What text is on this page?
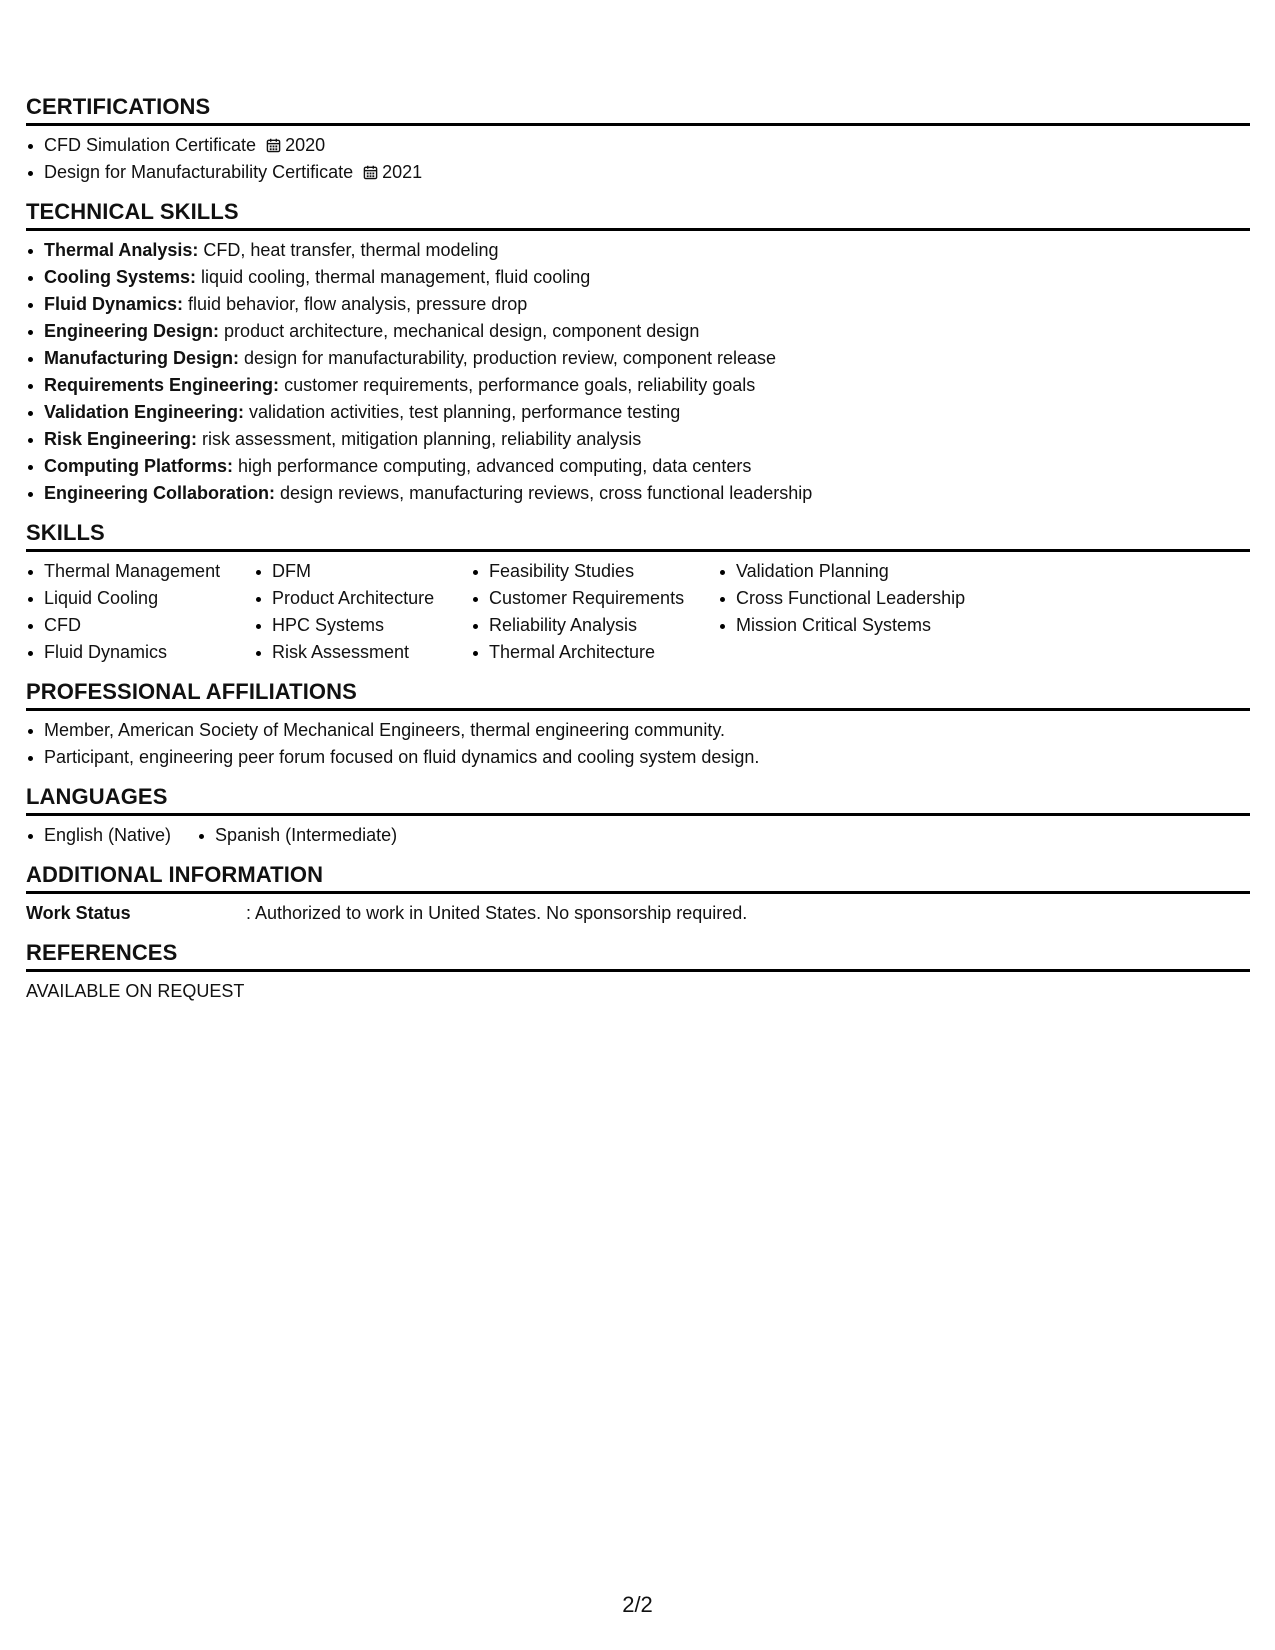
CERTIFICATIONS
CFD Simulation Certificate 2020
Design for Manufacturability Certificate 2021
TECHNICAL SKILLS
Thermal Analysis: CFD, heat transfer, thermal modeling
Cooling Systems: liquid cooling, thermal management, fluid cooling
Fluid Dynamics: fluid behavior, flow analysis, pressure drop
Engineering Design: product architecture, mechanical design, component design
Manufacturing Design: design for manufacturability, production review, component release
Requirements Engineering: customer requirements, performance goals, reliability goals
Validation Engineering: validation activities, test planning, performance testing
Risk Engineering: risk assessment, mitigation planning, reliability analysis
Computing Platforms: high performance computing, advanced computing, data centers
Engineering Collaboration: design reviews, manufacturing reviews, cross functional leadership
SKILLS
Thermal Management
Liquid Cooling
CFD
Fluid Dynamics
DFM
Product Architecture
HPC Systems
Risk Assessment
Feasibility Studies
Customer Requirements
Reliability Analysis
Thermal Architecture
Validation Planning
Cross Functional Leadership
Mission Critical Systems
PROFESSIONAL AFFILIATIONS
Member, American Society of Mechanical Engineers, thermal engineering community.
Participant, engineering peer forum focused on fluid dynamics and cooling system design.
LANGUAGES
English (Native)	Spanish (Intermediate)
ADDITIONAL INFORMATION
Work Status	: Authorized to work in United States. No sponsorship required.
REFERENCES
AVAILABLE ON REQUEST
2/2
